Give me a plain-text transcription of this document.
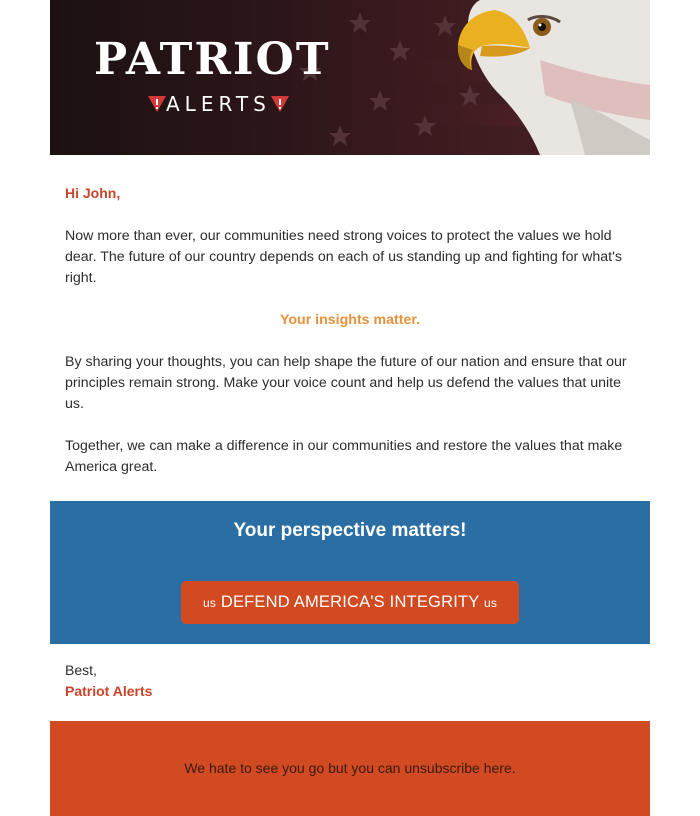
PATRIOT
ALERTS

Hi John,

Now more than ever, our communities need strong voices to protect the values we hold dear. The future of our country depends on each of us standing up and fighting for what's right.

Your insights matter.

By sharing your thoughts, you can help shape the future of our nation and ensure that our principles remain strong. Make your voice count and help us defend the values that unite us.

Together, we can make a difference in our communities and restore the values that make America great.

Your perspective matters!
us DEFEND AMERICA'S INTEGRITY us
Best,
Patriot Alerts
We hate to see you go but you can unsubscribe here.
